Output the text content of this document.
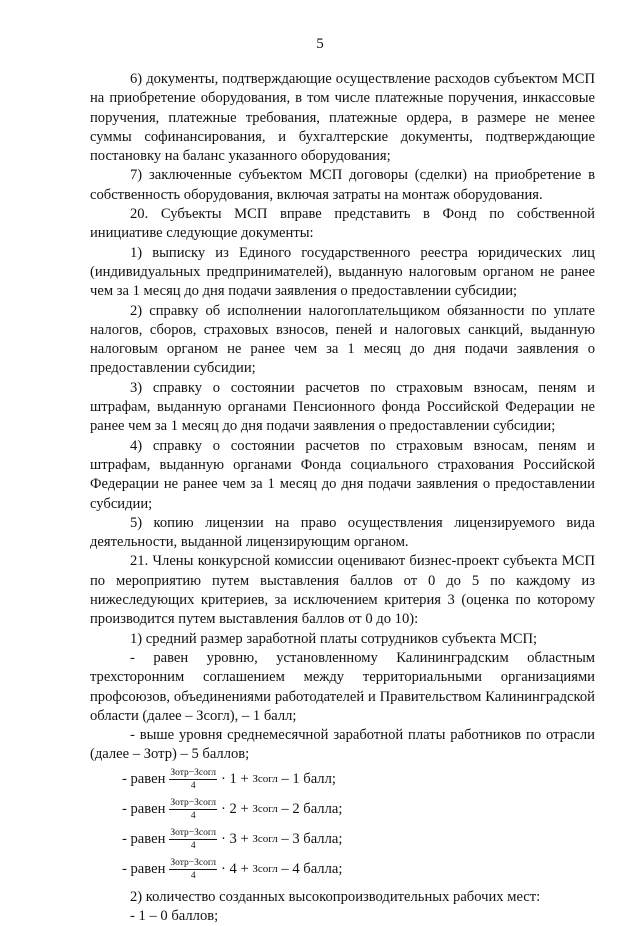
5

6) документы, подтверждающие осуществление расходов субъектом МСП на приобретение оборудования, в том числе платежные поручения, инкассовые поручения, платежные требования, платежные ордера, в размере не менее суммы софинансирования, и бухгалтерские документы, подтверждающие постановку на баланс указанного оборудования;

7) заключенные субъектом МСП договоры (сделки) на приобретение в собственность оборудования, включая затраты на монтаж оборудования.

20. Субъекты МСП вправе представить в Фонд по собственной инициативе следующие документы:

1) выписку из Единого государственного реестра юридических лиц (индивидуальных предпринимателей), выданную налоговым органом не ранее чем за 1 месяц до дня подачи заявления о предоставлении субсидии;

2) справку об исполнении налогоплательщиком обязанности по уплате налогов, сборов, страховых взносов, пеней и налоговых санкций, выданную налоговым органом не ранее чем за 1 месяц до дня подачи заявления о предоставлении субсидии;

3) справку о состоянии расчетов по страховым взносам, пеням и штрафам, выданную органами Пенсионного фонда Российской Федерации не ранее чем за 1 месяц до дня подачи заявления о предоставлении субсидии;

4) справку о состоянии расчетов по страховым взносам, пеням и штрафам, выданную органами Фонда социального страхования Российской Федерации не ранее чем за 1 месяц до дня подачи заявления о предоставлении субсидии;

5) копию лицензии на право осуществления лицензируемого вида деятельности, выданной лицензирующим органом.

21. Члены конкурсной комиссии оценивают бизнес-проект субъекта МСП по мероприятию путем выставления баллов от 0 до 5 по каждому из нижеследующих критериев, за исключением критерия 3 (оценка по которому производится путем выставления баллов от 0 до 10):

1) средний размер заработной платы сотрудников субъекта МСП;

- равен уровню, установленному Калининградским областным трехсторонним соглашением между территориальными организациями профсоюзов, объединениями работодателей и Правительством Калининградской области (далее – Зсогл), – 1 балл;

- выше уровня среднемесячной заработной платы работников по отрасли (далее – Зотр) – 5 баллов;

- равен $\frac{\text{Зотр−Зсогл}}{4} \cdot 1$ +
Зсогл
– 1 балл;
- равен $\frac{\text{Зотр−Зсогл}}{4} \cdot 2$ +
Зсогл
– 2 балла;
- равен $\frac{\text{Зотр−Зсогл}}{4} \cdot 3$ +
Зсогл
– 3 балла;
- равен $\frac{\text{Зотр−Зсогл}}{4} \cdot 4$ +
Зсогл
– 4 балла;

2) количество созданных высокопроизводительных рабочих мест:

- 1 – 0 баллов;
